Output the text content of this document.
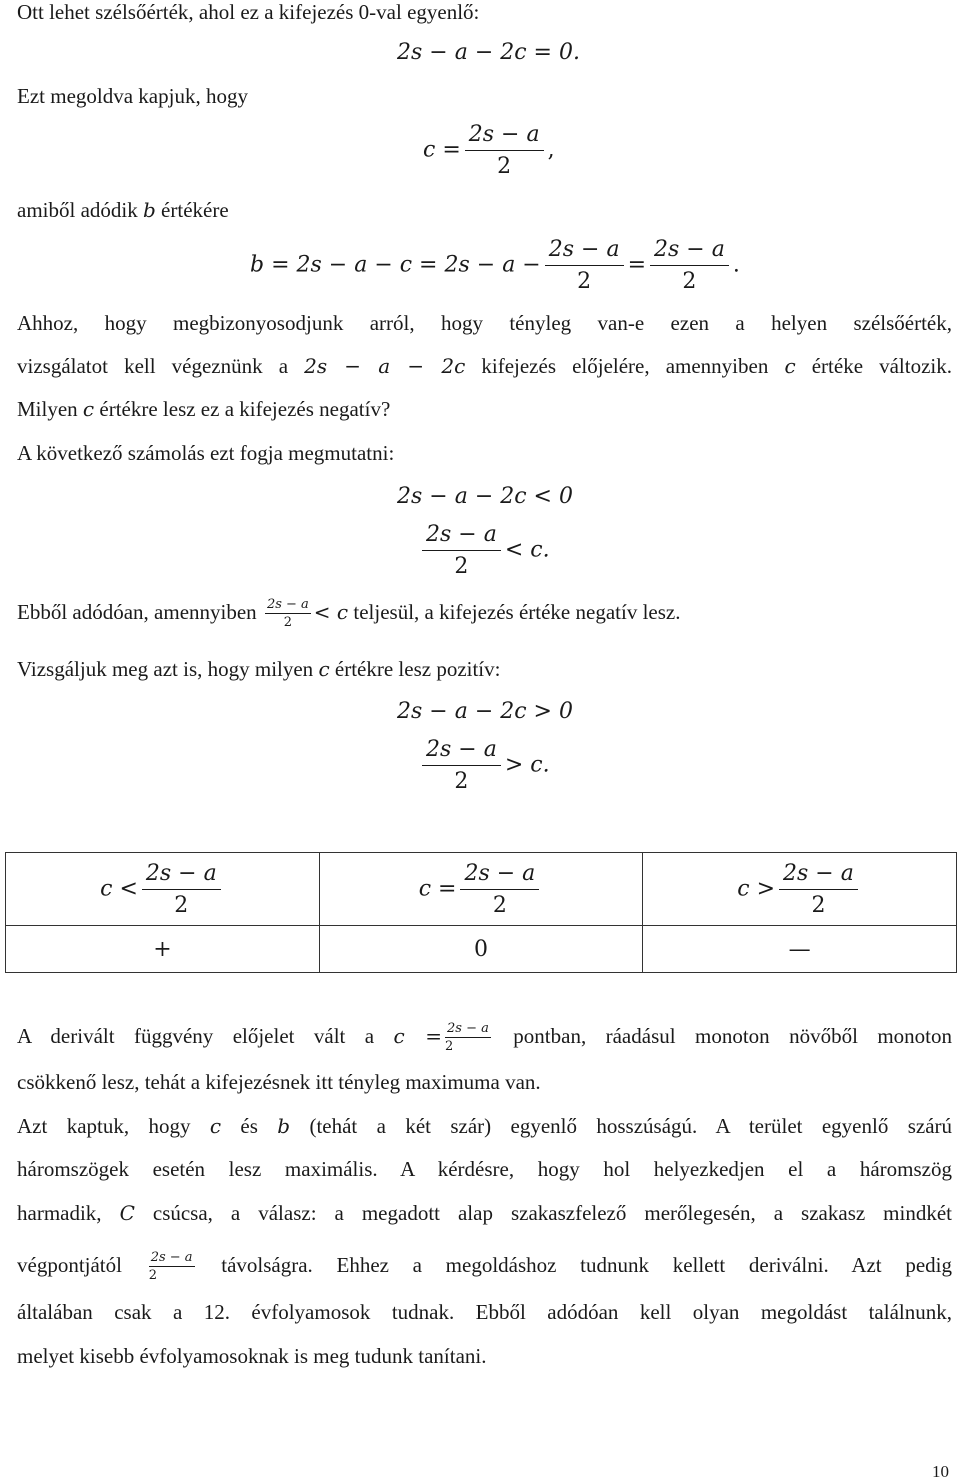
Ott lehet szélsőérték, ahol ez a kifejezés 0-val egyenlő:
2s − a − 2c = 0.
Ezt megoldva kapjuk, hogy
$c = \frac{2s - a}{2}$ ,
amiből adódik b értékére
$b = 2s - a - c = 2s - a - \frac{2s - a}{2} = \frac{2s - a}{2}$ .
Ahhoz, hogy megbizonyosodjunk arról, hogy tényleg van-e ezen a helyen szélsőérték,
vizsgálatot kell végeznünk a 2s − a − 2c kifejezés előjelére, amennyiben c értéke változik.
Milyen c értékre lesz ez a kifejezés negatív?
A következő számolás ezt fogja megmutatni:
2s − a − 2c < 0
$\frac{2s - a}{2} < c$.
Ebből adódóan, amennyiben $\frac{2s - a}{2} < c$ teljesül, a kifejezés értéke negatív lesz.
Vizsgáljuk meg azt is, hogy milyen c értékre lesz pozitív:
2s − a − 2c > 0
$\frac{2s - a}{2} > c$.
$c < \frac{2s - a}{2}$	$c = \frac{2s - a}{2}$	$c > \frac{2s - a}{2}$

+	0	—
A derivált függvény előjelet vált a $c = \frac{2s - a}{2}$ pontban, ráadásul monoton növőből monoton
csökkenő lesz, tehát a kifejezésnek itt tényleg maximuma van.
Azt kaptuk, hogy c és b (tehát a két szár) egyenlő hosszúságú. A terület egyenlő szárú
háromszögek esetén lesz maximális. A kérdésre, hogy hol helyezkedjen el a háromszög
harmadik, C csúcsa, a válasz: a megadott alap szakaszfelező merőlegesén, a szakasz mindkét
végpontjától $\frac{2s - a}{2}$ távolságra. Ehhez a megoldáshoz tudnunk kellett deriválni. Azt pedig
általában csak a 12. évfolyamosok tudnak. Ebből adódóan kell olyan megoldást találnunk,
melyet kisebb évfolyamosoknak is meg tudunk tanítani.
10
